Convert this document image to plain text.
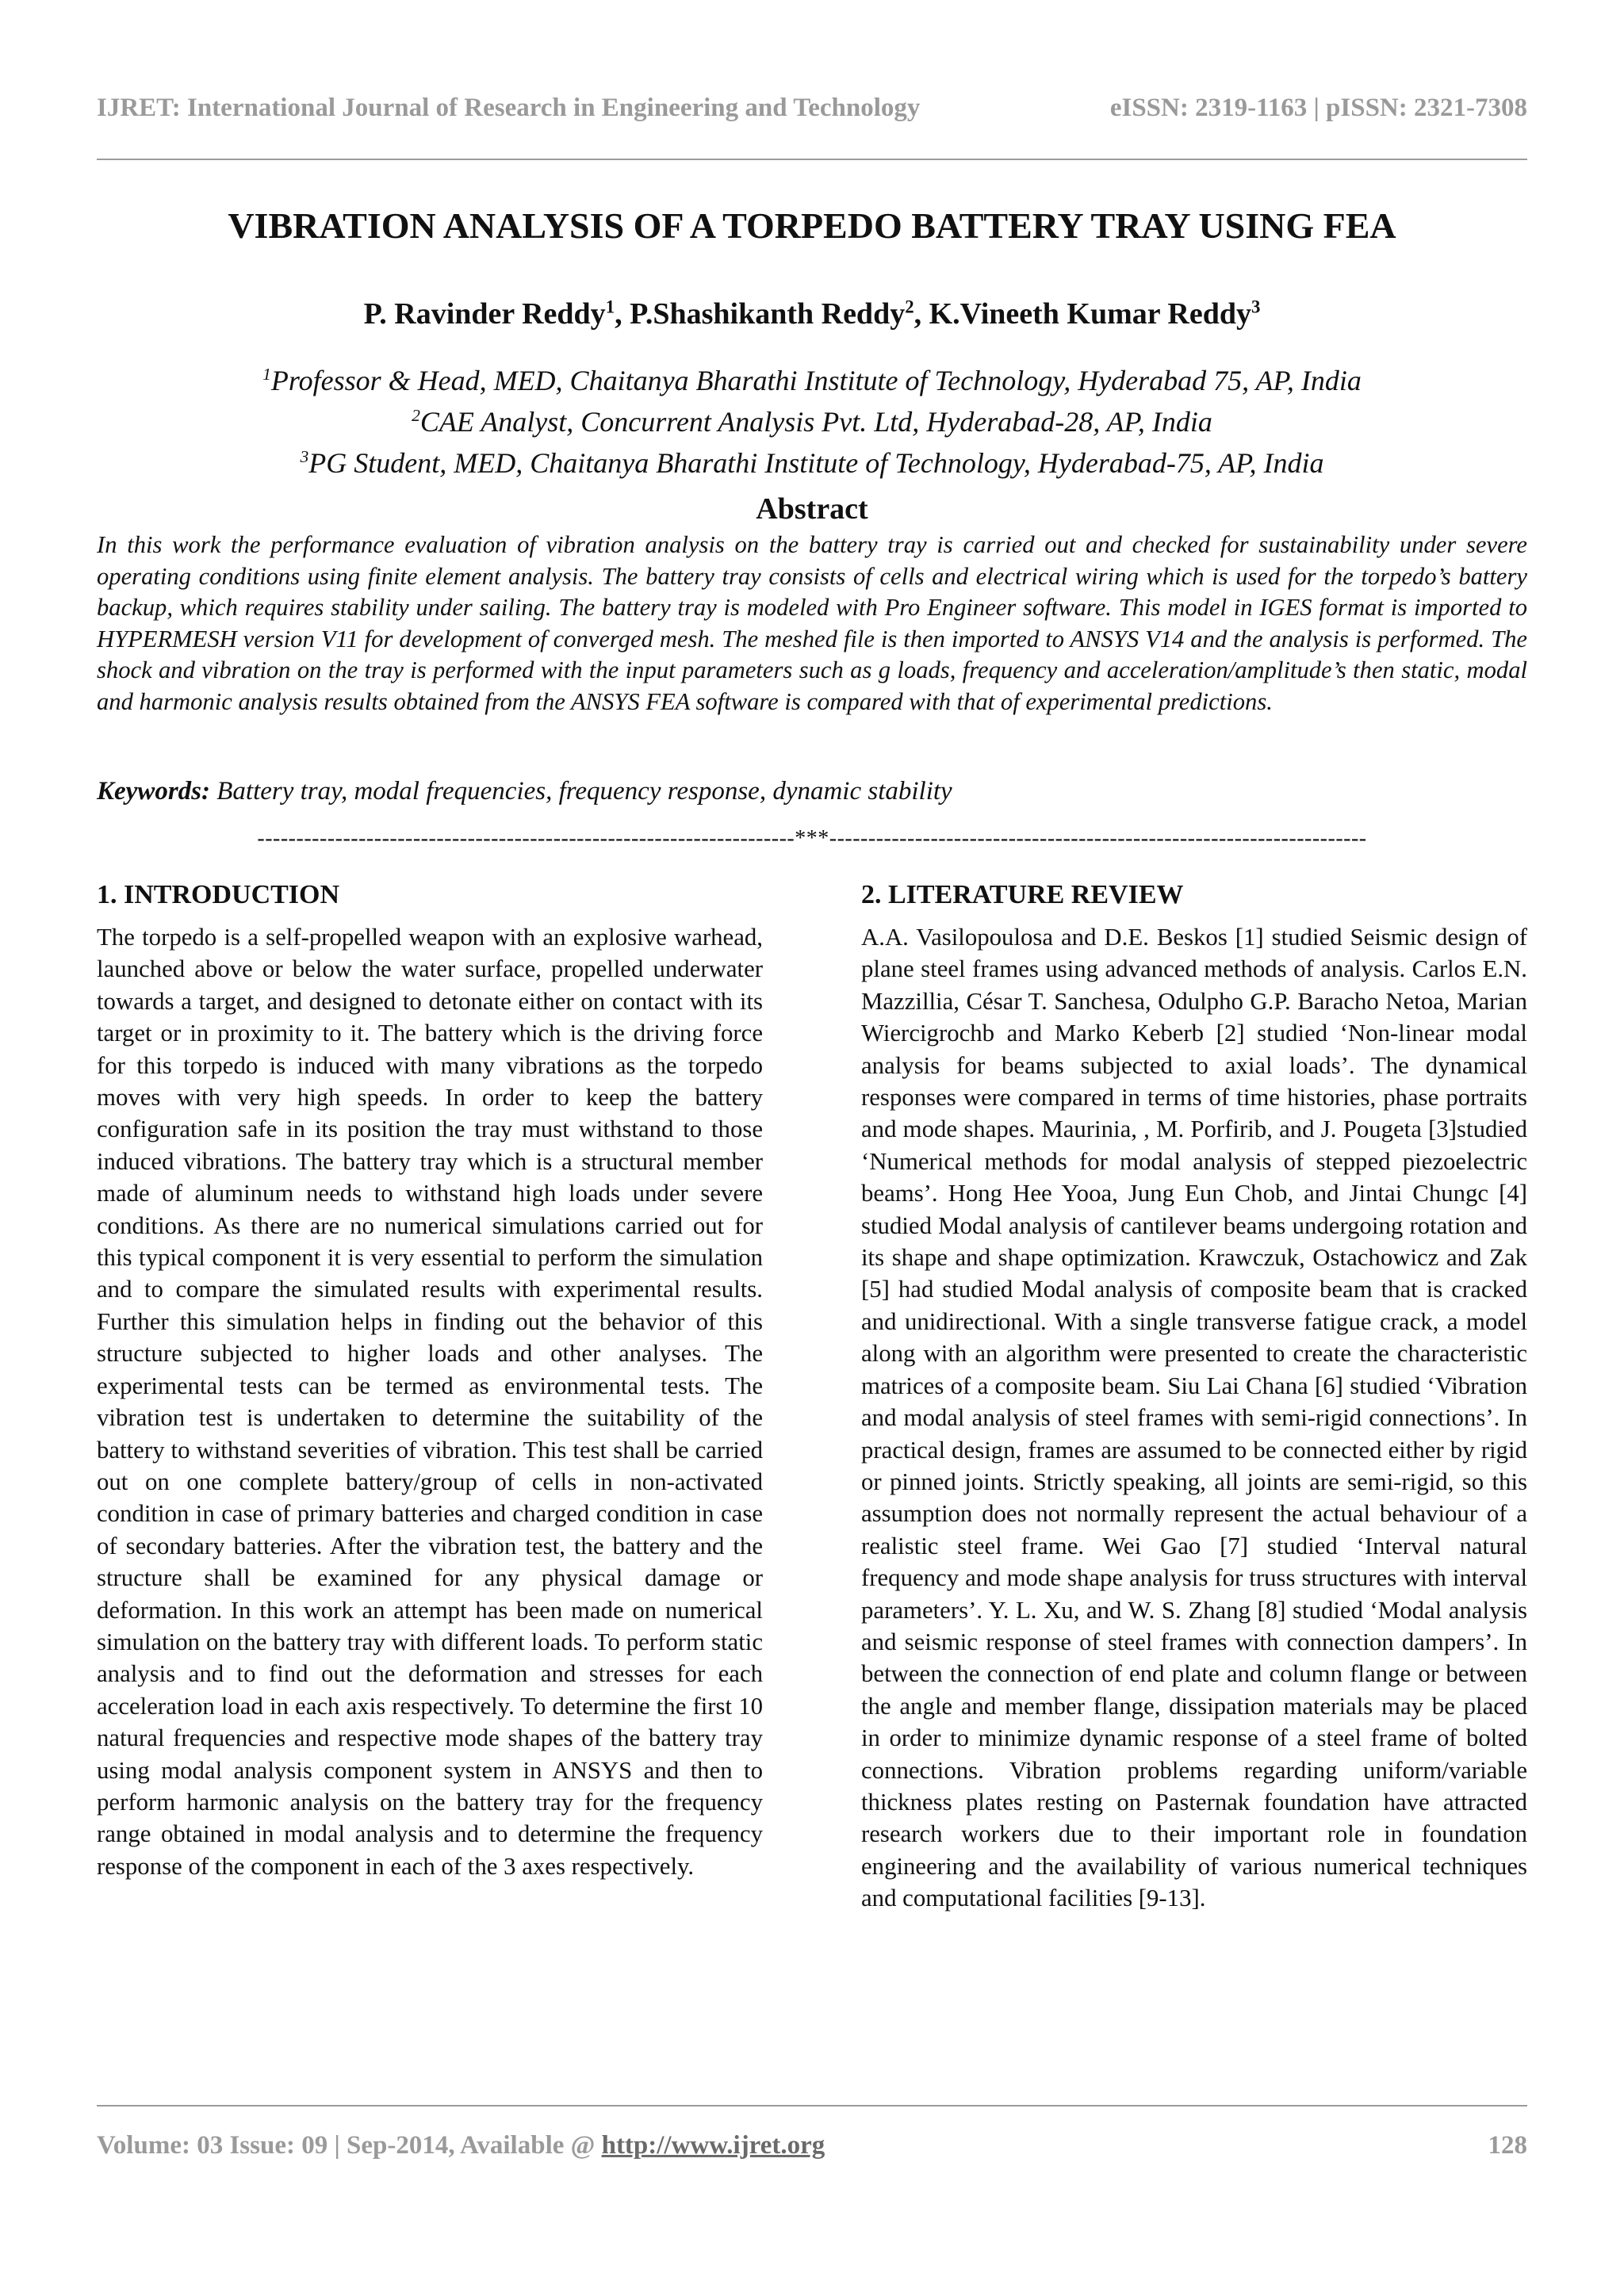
IJRET: International Journal of Research in Engineering and Technology	eISSN: 2319-1163 | pISSN: 2321-7308
VIBRATION ANALYSIS OF A TORPEDO BATTERY TRAY USING FEA
P. Ravinder Reddy$^1$, P.Shashikanth Reddy$^2$, K.Vineeth Kumar Reddy$^3$
$^1$Professor & Head, MED, Chaitanya Bharathi Institute of Technology, Hyderabad 75, AP, India
$^2$CAE Analyst, Concurrent Analysis Pvt. Ltd, Hyderabad-28, AP, India
$^3$PG Student, MED, Chaitanya Bharathi Institute of Technology, Hyderabad-75, AP, India
Abstract

In this work the performance evaluation of vibration analysis on the battery tray is carried out and checked for sustainability under severe operating conditions using finite element analysis. The battery tray consists of cells and electrical wiring which is used for the torpedo’s battery backup, which requires stability under sailing. The battery tray is modeled with Pro Engineer software. This model in IGES format is imported to HYPERMESH version V11 for development of converged mesh. The meshed file is then imported to ANSYS V14 and the analysis is performed. The shock and vibration on the tray is performed with the input parameters such as g loads, frequency and acceleration/amplitude’s then static, modal and harmonic analysis results obtained from the ANSYS FEA software is compared with that of experimental predictions.

Keywords: Battery tray, modal frequencies, frequency response, dynamic stability
---------------------------------------------------------------------***---------------------------------------------------------------------
1. INTRODUCTION

The torpedo is a self-propelled weapon with an explosive warhead, launched above or below the water surface, propelled underwater towards a target, and designed to detonate either on contact with its target or in proximity to it. The battery which is the driving force for this torpedo is induced with many vibrations as the torpedo moves with very high speeds. In order to keep the battery configuration safe in its position the tray must withstand to those induced vibrations. The battery tray which is a structural member made of aluminum needs to withstand high loads under severe conditions. As there are no numerical simulations carried out for this typical component it is very essential to perform the simulation and to compare the simulated results with experimental results. Further this simulation helps in finding out the behavior of this structure subjected to higher loads and other analyses. The experimental tests can be termed as environmental tests. The vibration test is undertaken to determine the suitability of the battery to withstand severities of vibration. This test shall be carried out on one complete battery/group of cells in non-activated condition in case of primary batteries and charged condition in case of secondary batteries. After the vibration test, the battery and the structure shall be examined for any physical damage or deformation. In this work an attempt has been made on numerical simulation on the battery tray with different loads. To perform static analysis and to find out the deformation and stresses for each acceleration load in each axis respectively. To determine the first 10 natural frequencies and respective mode shapes of the battery tray using modal analysis component system in ANSYS and then to perform harmonic analysis on the battery tray for the frequency range obtained in modal analysis and to determine the frequency response of the component in each of the 3 axes respectively.

2. LITERATURE REVIEW

A.A. Vasilopoulosa and D.E. Beskos [1] studied Seismic design of plane steel frames using advanced methods of analysis. Carlos E.N. Mazzillia, César T. Sanchesa, Odulpho G.P. Baracho Netoa, Marian Wiercigrochb and Marko Keberb [2] studied ‘Non-linear modal analysis for beams subjected to axial loads’. The dynamical responses were compared in terms of time histories, phase portraits and mode shapes. Maurinia, , M. Porfirib, and J. Pougeta [3]studied ‘Numerical methods for modal analysis of stepped piezoelectric beams’. Hong Hee Yooa, Jung Eun Chob, and Jintai Chungc [4] studied Modal analysis of cantilever beams undergoing rotation and its shape and shape optimization. Krawczuk, Ostachowicz and Zak [5] had studied Modal analysis of composite beam that is cracked and unidirectional. With a single transverse fatigue crack, a model along with an algorithm were presented to create the characteristic matrices of a composite beam. Siu Lai Chana [6] studied ‘Vibration and modal analysis of steel frames with semi-rigid connections’. In practical design, frames are assumed to be connected either by rigid or pinned joints. Strictly speaking, all joints are semi-rigid, so this assumption does not normally represent the actual behaviour of a realistic steel frame. Wei Gao [7] studied ‘Interval natural frequency and mode shape analysis for truss structures with interval parameters’. Y. L. Xu, and W. S. Zhang [8] studied ‘Modal analysis and seismic response of steel frames with connection dampers’. In between the connection of end plate and column flange or between the angle and member flange, dissipation materials may be placed in order to minimize dynamic response of a steel frame of bolted connections. Vibration problems regarding uniform/variable thickness plates resting on Pasternak foundation have attracted research workers due to their important role in foundation engineering and the availability of various numerical techniques and computational facilities [9-13].

Volume: 03 Issue: 09 | Sep-2014, Available @ http://www.ijret.org	128
